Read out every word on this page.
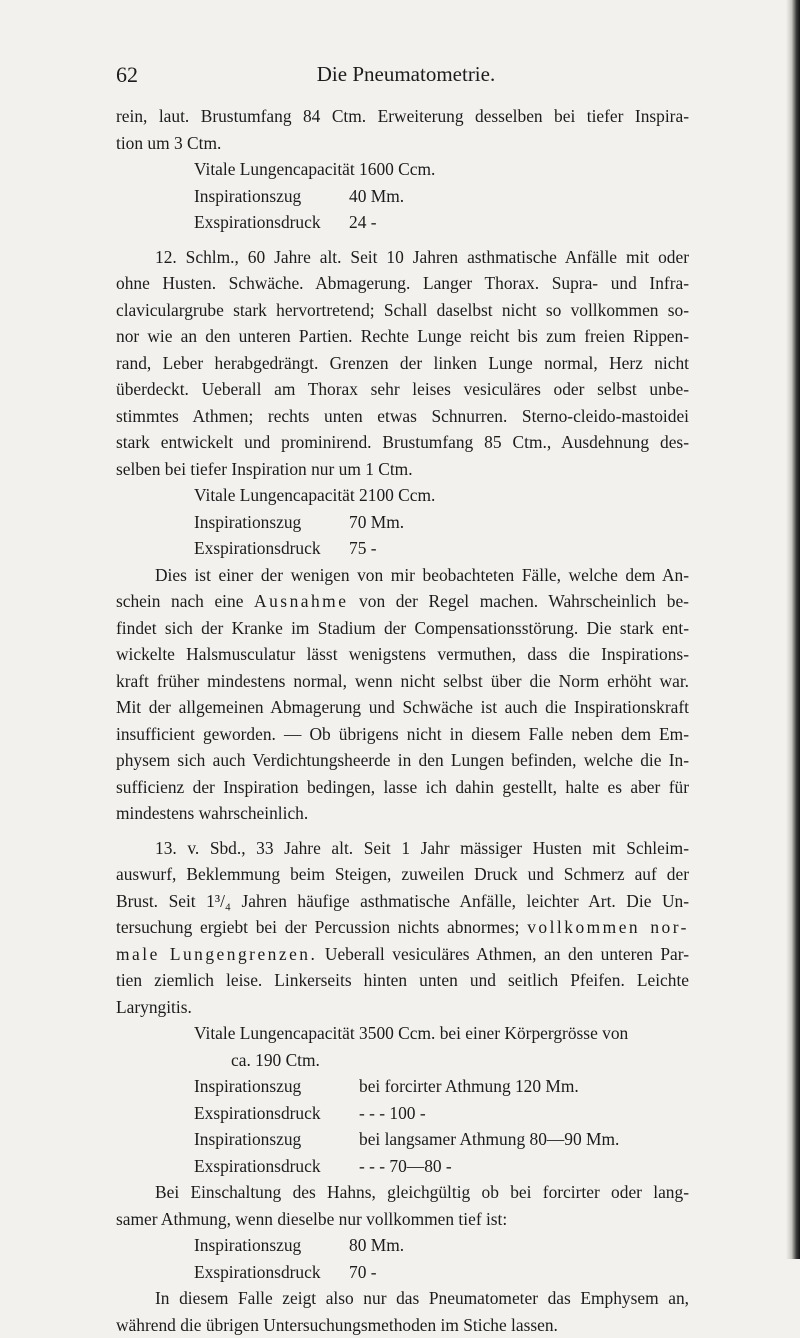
62	Die Pneumatometrie.
rein, laut. Brustumfang 84 Ctm. Erweiterung desselben bei tiefer Inspira-
tion um 3 Ctm.
Vitale Lungencapacität 1600 Ccm.
Inspirationszug	40 Mm.
Exspirationsdruck 24 -
12. Schlm., 60 Jahre alt. Seit 10 Jahren asthmatische Anfälle mit oder
ohne Husten. Schwäche. Abmagerung. Langer Thorax. Supra- und Infra-
claviculargrube stark hervortretend; Schall daselbst nicht so vollkommen so-
nor wie an den unteren Partien. Rechte Lunge reicht bis zum freien Rippen-
rand, Leber herabgedrängt. Grenzen der linken Lunge normal, Herz nicht
überdeckt. Ueberall am Thorax sehr leises vesiculäres oder selbst unbe-
stimmtes Athmen; rechts unten etwas Schnurren. Sterno-cleido-mastoidei
stark entwickelt und prominirend. Brustumfang 85 Ctm., Ausdehnung des-
selben bei tiefer Inspiration nur um 1 Ctm.
Vitale Lungencapacität 2100 Ccm.
Inspirationszug	70 Mm.
Exspirationsdruck 75 -
Dies ist einer der wenigen von mir beobachteten Fälle, welche dem An-
schein nach eine Ausnahme von der Regel machen. Wahrscheinlich be-
findet sich der Kranke im Stadium der Compensationsstörung. Die stark ent-
wickelte Halsmusculatur lässt wenigstens vermuthen, dass die Inspirations-
kraft früher mindestens normal, wenn nicht selbst über die Norm erhöht war.
Mit der allgemeinen Abmagerung und Schwäche ist auch die Inspirationskraft
insufficient geworden. — Ob übrigens nicht in diesem Falle neben dem Em-
physem sich auch Verdichtungsheerde in den Lungen befinden, welche die In-
sufficienz der Inspiration bedingen, lasse ich dahin gestellt, halte es aber für
mindestens wahrscheinlich.
13. v. Sbd., 33 Jahre alt. Seit 1 Jahr mässiger Husten mit Schleim-
auswurf, Beklemmung beim Steigen, zuweilen Druck und Schmerz auf der
Brust. Seit 1³/₄ Jahren häufige asthmatische Anfälle, leichter Art. Die Un-
tersuchung ergiebt bei der Percussion nichts abnormes; vollkommen nor-
male Lungengrenzen. Ueberall vesiculäres Athmen, an den unteren Par-
tien ziemlich leise. Linkerseits hinten unten und seitlich Pfeifen. Leichte
Laryngitis.
Vitale Lungencapacität 3500 Ccm. bei einer Körpergrösse von
ca. 190 Ctm.
Inspirationszug	bei forcirter Athmung 120 Mm.
Exspirationsdruck - - - 100 -
Inspirationszug	bei langsamer Athmung 80—90 Mm.
Exspirationsdruck - - - 70—80 -
Bei Einschaltung des Hahns, gleichgültig ob bei forcirter oder lang-
samer Athmung, wenn dieselbe nur vollkommen tief ist:
Inspirationszug	80 Mm.
Exspirationsdruck 70 -
In diesem Falle zeigt also nur das Pneumatometer das Emphysem an,
während die übrigen Untersuchungsmethoden im Stiche lassen.
